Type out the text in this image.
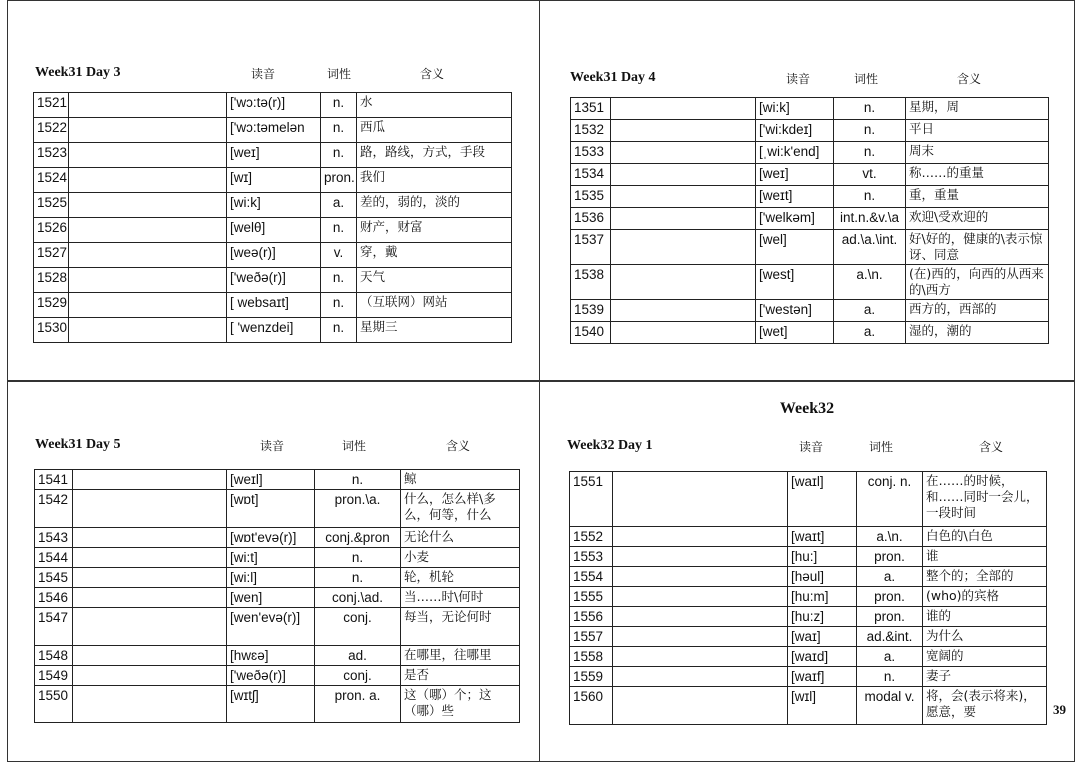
Week31 Day 3	读音	词性	含义
1521		['wɔ:tə(r)]	n.	水
1522		['wɔ:təmelən	n.	西瓜
1523		[weɪ]	n.	路，路线，方式，手段
1524		[wɪ]	pron.	我们
1525		[wi:k]	a.	差的，弱的，淡的
1526		[welθ]	n.	财产，财富
1527		[weə(r)]	v.	穿，戴
1528		['weðə(r)]	n.	天气
1529		[ websaɪt]	n.	（互联网）网站
1530		[ 'wenzdei]	n.	星期三
Week31 Day 4	读音	词性	含义
1351		[wi:k]	n.	星期，周
1532		['wi:kdeɪ]	n.	平日
1533		[ˌwi:k'end]	n.	周末
1534		[weɪ]	vt.	称……的重量
1535		[weɪt]	n.	重，重量
1536		['welkəm]	int.n.&v.\a	欢迎\受欢迎的
1537		[wel]	ad.\a.\int.	好\好的，健康的\表示惊讶、同意
1538		[west]	a.\n.	(在)西的，向西的从西来的\西方
1539		['westən]	a.	西方的，西部的
1540		[wet]	a.	湿的，潮的
Week31 Day 5	读音	词性	含义
1541		[weɪl]	n.	鲸
1542		[wɒt]	pron.\a.	什么，怎么样\多么，何等，什么
1543		[wɒt'evə(r)]	conj.&pron	无论什么
1544		[wi:t]	n.	小麦
1545		[wi:l]	n.	轮，机轮
1546		[wen]	conj.\ad.	当……时\何时
1547		[wen'evə(r)]	conj.	每当，无论何时
1548		[hwɛə]	ad.	在哪里，往哪里
1549		['weðə(r)]	conj.	是否
1550		[wɪtʃ]	pron. a.	这（哪）个；这（哪）些
Week32
Week32 Day 1	读音	词性	含义
1551		[waɪl]	conj. n.	在……的时候，和……同时一会儿，一段时间
1552		[waɪt]	a.\n.	白色的\白色
1553		[hu:]	pron.	谁
1554		[həul]	a.	整个的；全部的
1555		[hu:m]	pron.	(who)的宾格
1556		[hu:z]	pron.	谁的
1557		[waɪ]	ad.&int.	为什么
1558		[waɪd]	a.	宽阔的
1559		[waɪf]	n.	妻子
1560		[wɪl]	modal v.	将，会(表示将来)，愿意，要	39
